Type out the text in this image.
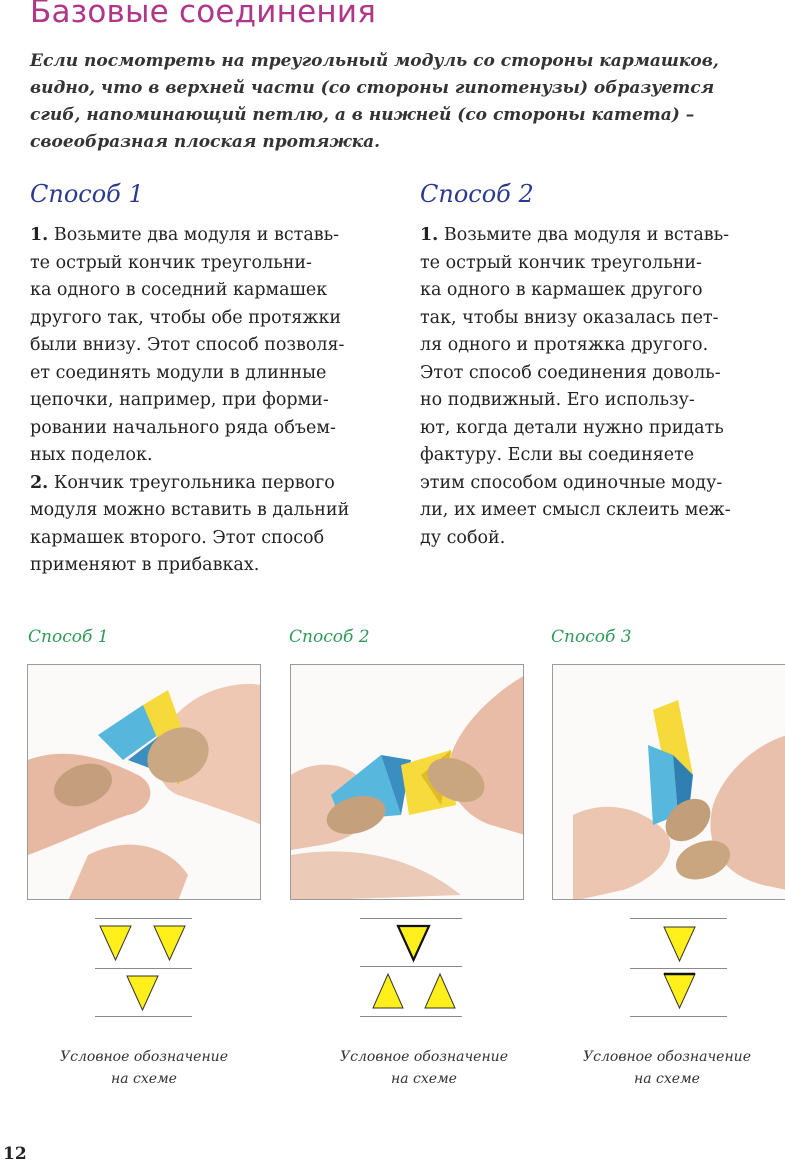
Базовые соединения
Если посмотреть на треугольный модуль со стороны кармашков,
видно, что в верхней части (со стороны гипотенузы) образуется
сгиб, напоминающий петлю, а в нижней (со стороны катета) –
своеобразная плоская протяжка.
Способ 1
1. Возьмите два модуля и вставь-
те острый кончик треугольни-
ка одного в соседний кармашек
другого так, чтобы обе протяжки
были внизу. Этот способ позволя-
ет соединять модули в длинные
цепочки, например, при форми-
ровании начального ряда объем-
ных поделок.
2. Кончик треугольника первого
модуля можно вставить в дальний
кармашек второго. Этот способ
применяют в прибавках.
Способ 2
1. Возьмите два модуля и вставь-
те острый кончик треугольни-
ка одного в кармашек другого
так, чтобы внизу оказалась пет-
ля одного и протяжка другого.
Этот способ соединения доволь-
но подвижный. Его использу-
ют, когда детали нужно придать
фактуру. Если вы соединяете
этим способом одиночные моду-
ли, их имеет смысл склеить меж-
ду собой.
Способ 1	Способ 2	Способ 3
Условное обозначение
на схеме
Условное обозначение
на схеме
Условное обозначение
на схеме
12
